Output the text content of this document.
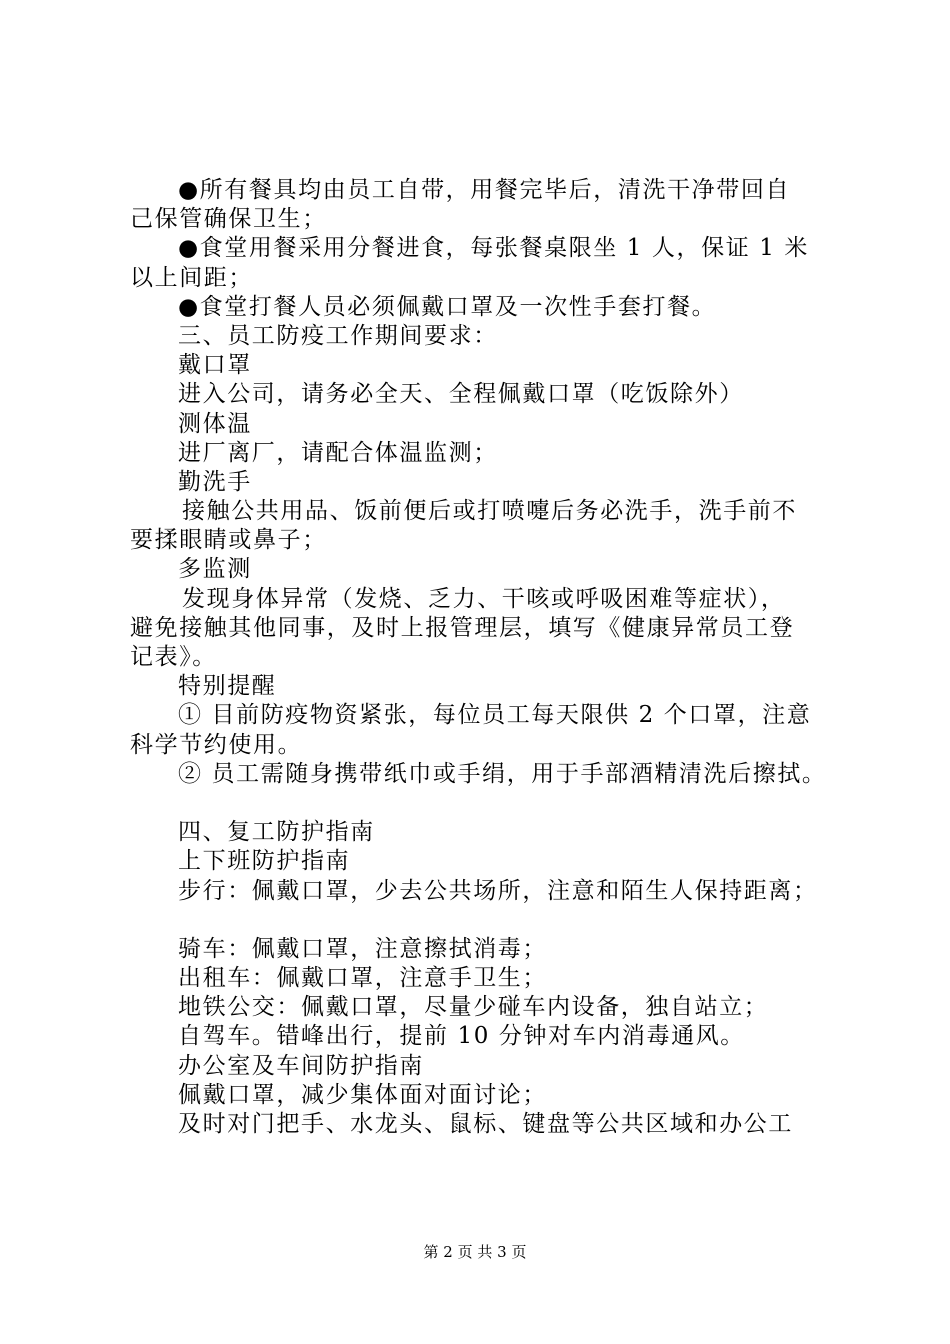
●所有餐具均由员工自带，用餐完毕后，清洗干净带回自
己保管确保卫生；
●食堂用餐采用分餐进食，每张餐桌限坐 1 人，保证 1 米
以上间距；
●食堂打餐人员必须佩戴口罩及一次性手套打餐。
三、员工防疫工作期间要求：
戴口罩
进入公司，请务必全天、全程佩戴口罩（吃饭除外）
测体温
进厂离厂，请配合体温监测；
勤洗手
接触公共用品、饭前便后或打喷嚏后务必洗手，洗手前不
要揉眼睛或鼻子；
多监测
发现身体异常（发烧、乏力、干咳或呼吸困难等症状），
避免接触其他同事，及时上报管理层，填写《健康异常员工登
记表》。
特别提醒
① 目前防疫物资紧张，每位员工每天限供 2 个口罩，注意
科学节约使用。
② 员工需随身携带纸巾或手绢，用于手部酒精清洗后擦拭。
四、复工防护指南
上下班防护指南
步行：佩戴口罩，少去公共场所，注意和陌生人保持距离；
骑车：佩戴口罩，注意擦拭消毒；
出租车：佩戴口罩，注意手卫生；
地铁公交：佩戴口罩，尽量少碰车内设备，独自站立；
自驾车。错峰出行，提前 10 分钟对车内消毒通风。
办公室及车间防护指南
佩戴口罩，减少集体面对面讨论；
及时对门把手、水龙头、鼠标、键盘等公共区域和办公工
第 2 页 共 3 页
